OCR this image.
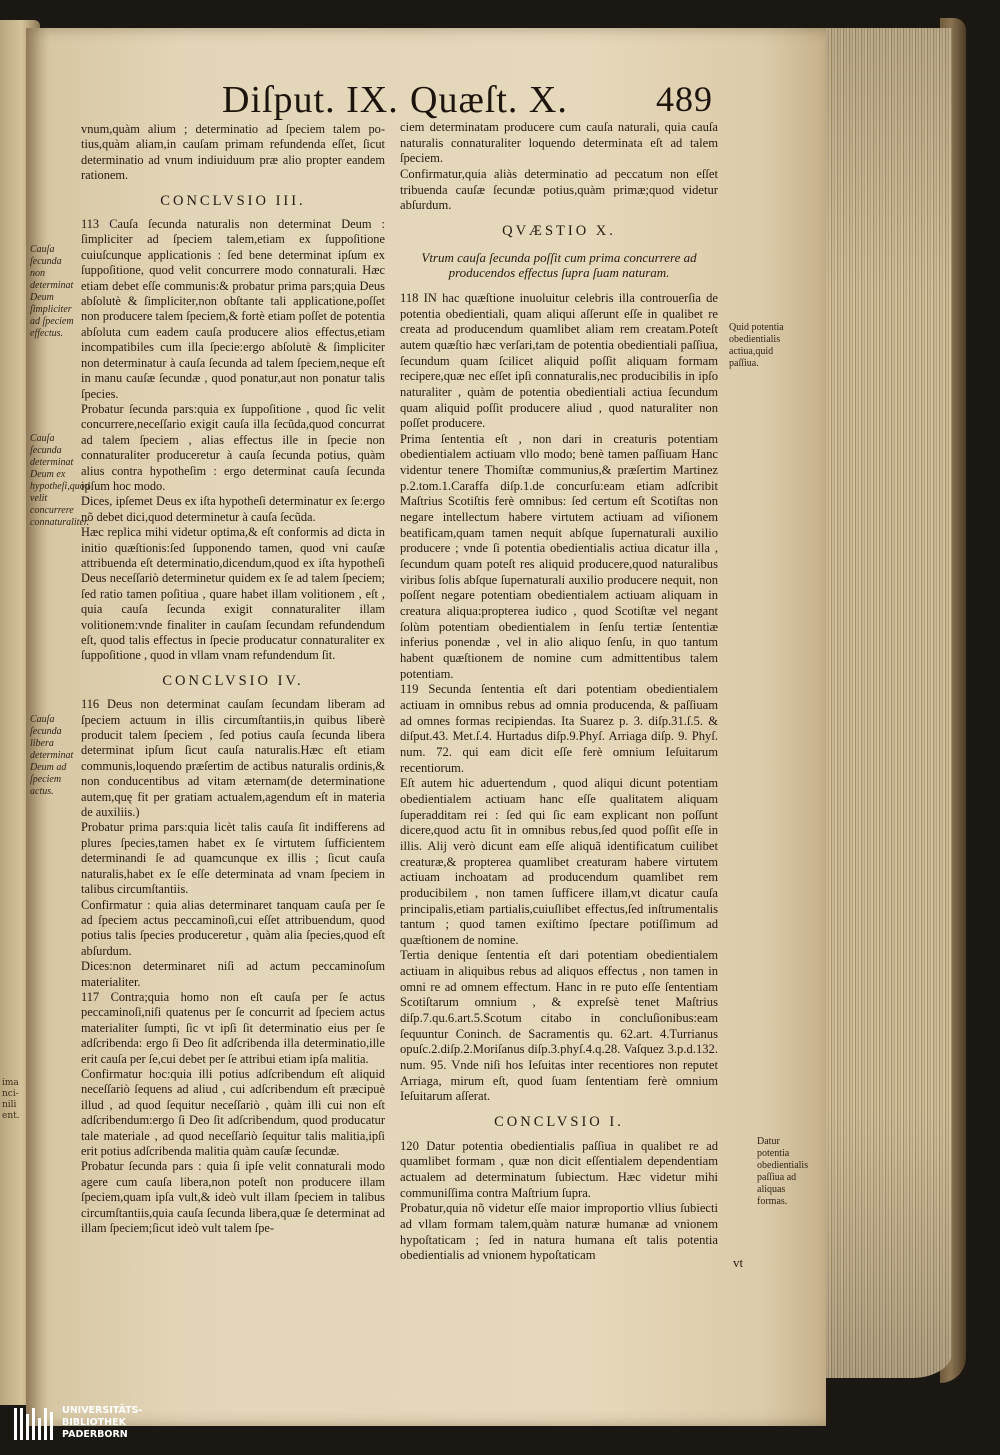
ima
nci-
nili
ent.
Diſput. IX. Quæſt. X. 489

vnum,quàm alium ; determinatio ad ſpeciem talem po-tius,quàm aliam,in cauſam primam refundenda eſſet, ſicut determinatio ad vnum indiuiduum præ alio propter eandem rationem.

CONCLVSIO III.

113 Cauſa ſecunda naturalis non determinat Deum : ſimpliciter ad ſpeciem talem,etiam ex ſuppoſitione cuiuſcunque applicationis : ſed bene determinat ipſum ex ſuppoſitione, quod velit concurrere modo connaturali. Hæc etiam debet eſſe communis:& probatur prima pars;quia Deus abſolutè & ſimpliciter,non obſtante tali applicatione,poſſet non producere talem ſpeciem,& fortè etiam poſſet de potentia abſoluta cum eadem cauſa producere alios effectus,etiam incompatibiles cum illa ſpecie:ergo abſolutè & ſimpliciter non determinatur à cauſa ſecunda ad talem ſpeciem,neque eſt in manu cauſæ ſecundæ , quod ponatur,aut non ponatur talis ſpecies.

Probatur ſecunda pars:quia ex ſuppoſitione , quod ſic velit concurrere,neceſſario exigit cauſa illa ſecũda,quod concurrat ad talem ſpeciem , alias effectus ille in ſpecie non connaturaliter produceretur à cauſa ſecunda potius, quàm alius contra hypotheſim : ergo determinat cauſa ſecunda ipſum hoc modo.

Dices, ipſemet Deus ex iſta hypotheſi determinatur ex ſe:ergo nõ debet dici,quod determinetur à cauſa ſecũda.

Hæc replica mihi videtur optima,& eſt conformis ad dicta in initio quæſtionis:ſed ſupponendo tamen, quod vni cauſæ attribuenda eſt determinatio,dicendum,quod ex iſta hypotheſi Deus neceſſariò determinetur quidem ex ſe ad talem ſpeciem; ſed ratio tamen poſitiua , quare habet illam volitionem , eſt , quia cauſa ſecunda exigit connaturaliter illam volitionem:vnde finaliter in cauſam ſecundam refundendum eſt, quod talis effectus in ſpecie producatur connaturaliter ex ſuppoſitione , quod in vllam vnam refundendum ſit.

CONCLVSIO IV.

116 Deus non determinat cauſam ſecundam liberam ad ſpeciem actuum in illis circumſtantiis,in quibus liberè producit talem ſpeciem , ſed potius cauſa ſecunda libera determinat ipſum ſicut cauſa naturalis.Hæc eſt etiam communis,loquendo præſertim de actibus naturalis ordinis,& non conducentibus ad vitam æternam(de determinatione autem,quę fit per gratiam actualem,agendum eſt in materia de auxiliis.)

Probatur prima pars:quia licèt talis cauſa ſit indifferens ad plures ſpecies,tamen habet ex ſe virtutem ſufficientem determinandi ſe ad quamcunque ex illis ; ſicut cauſa naturalis,habet ex ſe eſſe determinata ad vnam ſpeciem in talibus circumſtantiis.

Confirmatur : quia alias determinaret tanquam cauſa per ſe ad ſpeciem actus peccaminoſi,cui eſſet attribuendum, quod potius talis ſpecies produceretur , quàm alia ſpecies,quod eſt abſurdum.

Dices:non determinaret niſi ad actum peccaminoſum materialiter.

117 Contra;quia homo non eſt cauſa per ſe actus peccaminoſi,niſi quatenus per ſe concurrit ad ſpeciem actus materialiter ſumpti, ſic vt ipſi ſit determinatio eius per ſe adſcribenda: ergo ſi Deo ſit adſcribenda illa determinatio,ille erit cauſa per ſe,cui debet per ſe attribui etiam ipſa malitia.

Confirmatur hoc:quia illi potius adſcribendum eſt aliquid neceſſariò ſequens ad aliud , cui adſcribendum eſt præcipuè illud , ad quod ſequitur neceſſariò , quàm illi cui non eſt adſcribendum:ergo ſi Deo ſit adſcribendum, quod producatur tale materiale , ad quod neceſſariò ſequitur talis malitia,ipſi erit potius adſcribenda malitia quàm cauſæ ſecundæ.

Probatur ſecunda pars : quia ſi ipſe velit connaturali modo agere cum cauſa libera,non poteſt non producere illam ſpeciem,quam ipſa vult,& ideò vult illam ſpeciem in talibus circumſtantiis,quia cauſa ſecunda libera,quæ ſe determinat ad illam ſpeciem;ſicut ideò vult talem ſpe-

ciem determinatam producere cum cauſa naturali, quia cauſa naturalis connaturaliter loquendo determinata eſt ad talem ſpeciem.

Confirmatur,quia aliàs determinatio ad peccatum non eſſet tribuenda cauſæ ſecundæ potius,quàm primæ;quod videtur abſurdum.

QVÆSTIO X.

Vtrum cauſa ſecunda poſſit cum prima concurrere ad producendos effectus ſupra ſuam naturam.

118 IN hac quæſtione inuoluitur celebris illa controuerſia de potentia obedientiali, quam aliqui aſſerunt eſſe in qualibet re creata ad producendum quamlibet aliam rem creatam.Poteſt autem quæſtio hæc verſari,tam de potentia obedientiali paſſiua, ſecundum quam ſcilicet aliquid poſſit aliquam formam recipere,quæ nec eſſet ipſi connaturalis,nec producibilis in ipſo naturaliter , quàm de potentia obedientiali actiua ſecundum quam aliquid poſſit producere aliud , quod naturaliter non poſſet producere.

Prima ſententia eſt , non dari in creaturis potentiam obedientialem actiuam vllo modo; benè tamen paſſiuam Hanc videntur tenere Thomiſtæ communius,& præſertim Martinez p.2.tom.1.Caraffa diſp.1.de concurſu:eam etiam adſcribit Maſtrius Scotiſtis ferè omnibus: ſed certum eſt Scotiſtas non negare intellectum habere virtutem actiuam ad viſionem beatificam,quam tamen nequit abſque ſupernaturali auxilio producere ; vnde ſi potentia obedientialis actiua dicatur illa , ſecundum quam poteſt res aliquid producere,quod naturalibus viribus ſolis abſque ſupernaturali auxilio producere nequit, non poſſent negare potentiam obedientialem actiuam aliquam in creatura aliqua:propterea iudico , quod Scotiſtæ vel negant ſolùm potentiam obedientialem in ſenſu tertiæ ſententiæ inferius ponendæ , vel in alio aliquo ſenſu, in quo tantum habent quæſtionem de nomine cum admittentibus talem potentiam.

119 Secunda ſententia eſt dari potentiam obedientialem actiuam in omnibus rebus ad omnia producenda, & paſſiuam ad omnes formas recipiendas. Ita Suarez p. 3. diſp.31.ſ.5. & diſput.43. Met.ſ.4. Hurtadus diſp.9.Phyſ. Arriaga diſp. 9. Phyſ. num. 72. qui eam dicit eſſe ferè omnium Ieſuitarum recentiorum.

Eſt autem hic aduertendum , quod aliqui dicunt potentiam obedientialem actiuam hanc eſſe qualitatem aliquam ſuperadditam rei : ſed qui ſic eam explicant non poſſunt dicere,quod actu ſit in omnibus rebus,ſed quod poſſit eſſe in illis. Alij verò dicunt eam eſſe aliquã identificatum cuilibet creaturæ,& propterea quamlibet creaturam habere virtutem actiuam inchoatam ad producendum quamlibet rem producibilem , non tamen ſufficere illam,vt dicatur cauſa principalis,etiam partialis,cuiuſlibet effectus,ſed inſtrumentalis tantum ; quod tamen exiſtimo ſpectare potiſſimum ad quæſtionem de nomine.

Tertia denique ſententia eſt dari potentiam obedientialem actiuam in aliquibus rebus ad aliquos effectus , non tamen in omni re ad omnem effectum. Hanc in re puto eſſe ſententiam Scotiſtarum omnium , & expreſsè tenet Maſtrius diſp.7.qu.6.art.5.Scotum citabo in concluſionibus:eam ſequuntur Coninch. de Sacramentis qu. 62.art. 4.Turrianus opuſc.2.diſp.2.Moriſanus diſp.3.phyſ.4.q.28. Vaſquez 3.p.d.132. num. 95. Vnde niſi hos Ieſuitas inter recentiores non reputet Arriaga, mirum eſt, quod ſuam ſententiam ferè omnium Ieſuitarum aſſerat.

CONCLVSIO I.

120 Datur potentia obedientialis paſſiua in qualibet re ad quamlibet formam , quæ non dicit eſſentialem dependentiam actualem ad determinatum ſubiectum. Hæc videtur mihi communiſſima contra Maſtrium ſupra.

Probatur,quia nõ videtur eſſe maior improportio vllius ſubiecti ad vllam formam talem,quàm naturæ humanæ ad vnionem hypoſtaticam ; ſed in natura humana eſt talis potentia obedientialis ad vnionem hypoſtaticam	vt
Cauſa ſecunda non determinat Deum ſimpliciter ad ſpeciem effectus.
Cauſa ſecunda determinat Deum ex hypotheſi,quod velit concurrere connaturaliter.
Cauſa ſecunda libera determinat Deum ad ſpeciem actus.
Quid potentia obedientialis actiua,quid paſſiua.
Datur potentia obedientialis paſſiua ad aliquas formas.
UNIVERSITÄTS-
BIBLIOTHEK
PADERBORN
